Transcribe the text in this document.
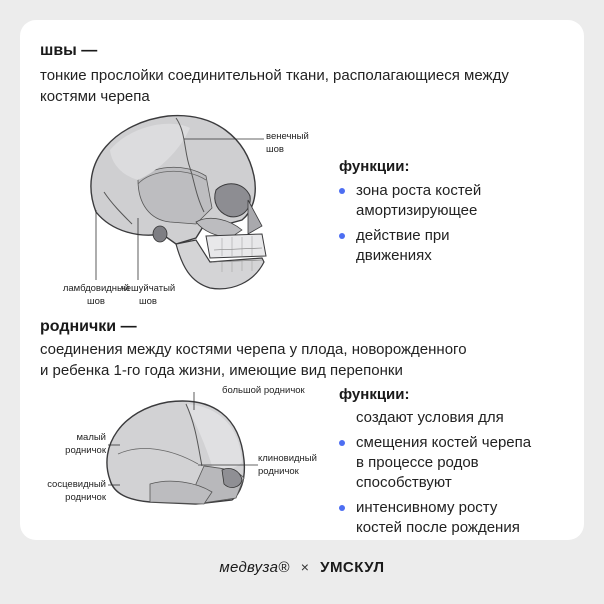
швы —
тонкие прослойки соединительной ткани, располагающиеся между
костями черепа
венечный
шов
ламбдовидный
шов
чешуйчатый
шов
функции:
зона роста костей
амортизирующее
действие при
движениях
роднички —
соединения между костями черепа у плода, новорожденного
и ребенка 1-го года жизни, имеющие вид перепонки
большой родничок
малый
родничок
клиновидный
родничок
сосцевидный
родничок
функции:
создают условия для
смещения костей черепа
в процессе родов
способствуют
интенсивному росту
костей после рождения
медвуза® × УМСКУЛ
